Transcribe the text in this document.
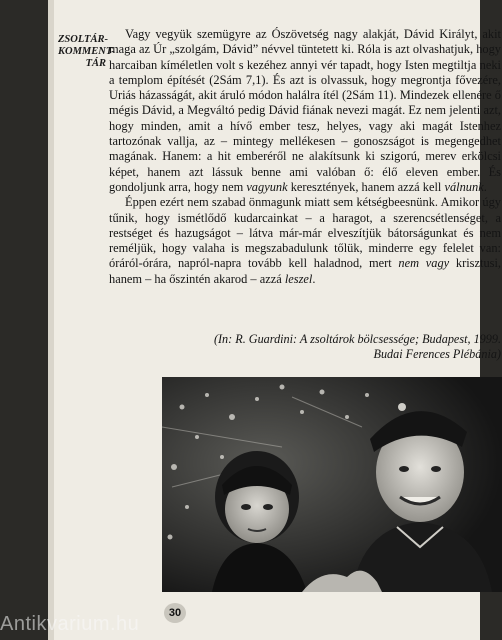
ZSOLTÁR-
KOMMENT-
TÁR

Vagy vegyük szemügyre az Ószövetség nagy alakját, Dávid Királyt, akit maga az Úr „szolgám, Dávid” névvel tüntetett ki. Róla is azt olvashatjuk, hogy harcaiban kíméletlen volt s kezéhez annyi vér tapadt, hogy Isten megtiltja neki a templom építését (2Sám 7,1). És azt is olvassuk, hogy megrontja fővezére, Uriás házasságát, akit áruló módon halálra ítél (2Sám 11). Mindezek ellenére ő mégis Dávid, a Megváltó pedig Dávid fiának nevezi magát. Ez nem jelenti azt, hogy minden, amit a hívő ember tesz, helyes, vagy aki magát Istenhez tartozónak vallja, az – mintegy mellékesen – gonoszságot is megengedhet magának. Hanem: a hit emberéről ne alakítsunk ki szigorú, merev erkölcsi képet, hanem azt lássuk benne ami valóban ő: élő eleven ember. És gondoljunk arra, hogy nem vagyunk keresztények, hanem azzá kell válnunk.

Éppen ezért nem szabad önmagunk miatt sem kétségbeesnünk. Amikor úgy tűnik, hogy ismétlődő kudarcainkat – a haragot, a szerencsétlenséget, a restséget és hazugságot – látva már-már elveszítjük bátorságunkat és nem reméljük, hogy valaha is megszabadulunk tőlük, minderre egy felelet van: óráról-órára, napról-napra tovább kell haladnod, mert nem vagy krisztusi, hanem – ha őszintén akarod – azzá leszel.

(In: R. Guardini: A zsoltárok bölcsessége; Budapest, 1999.
Budai Ferences Plébánia)
30
Antikvarium.hu
